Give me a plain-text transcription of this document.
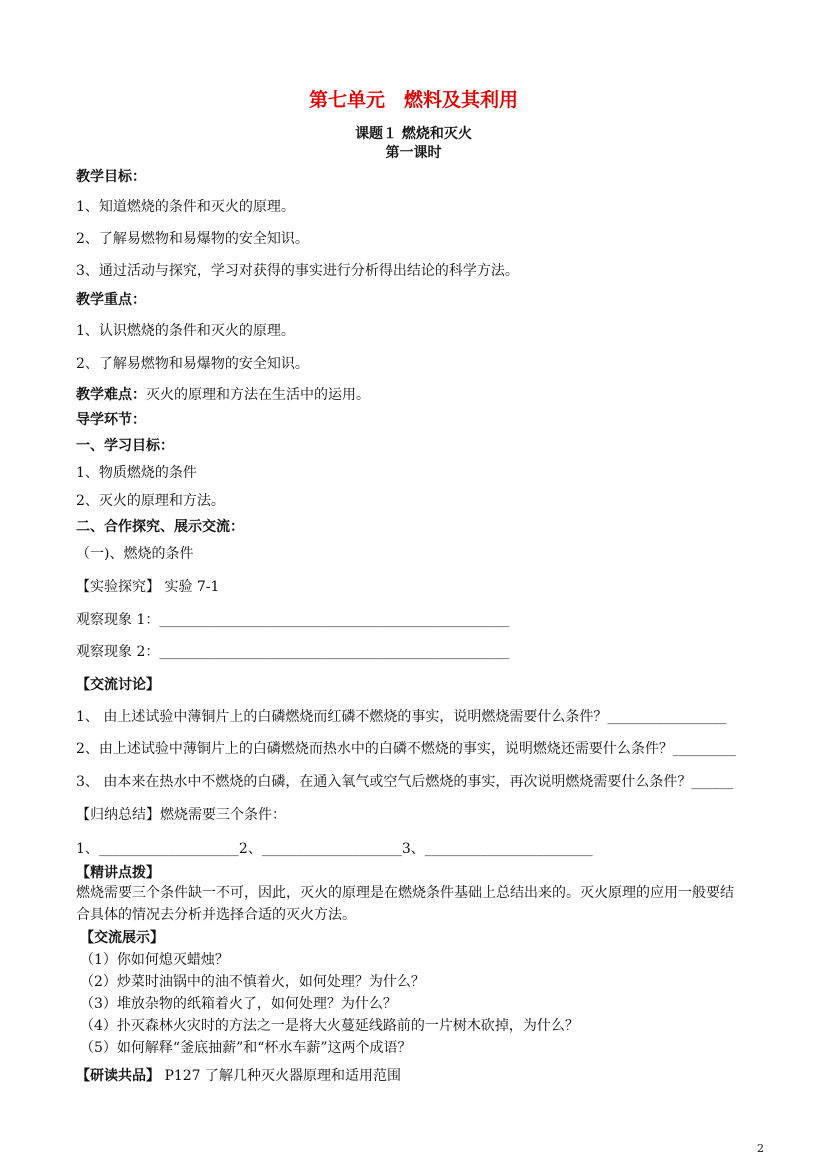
第七单元　燃料及其利用
课题１ 燃烧和灭火
第一课时
教学目标：
1、知道燃烧的条件和灭火的原理。
2、了解易燃物和易爆物的安全知识。
3、通过活动与探究，学习对获得的事实进行分析得出结论的科学方法。
教学重点：
1、认识燃烧的条件和灭火的原理。
2、了解易燃物和易爆物的安全知识。
教学难点：灭火的原理和方法在生活中的运用。
导学环节：
一、学习目标：
1、物质燃烧的条件
2、灭火的原理和方法。
二、合作探究、展示交流：
（一)、燃烧的条件
【实验探究】 实验 7-1
观察现象 1：__________________________________________________
观察现象 2：__________________________________________________
【交流讨论】
1、 由上述试验中薄铜片上的白磷燃烧而红磷不燃烧的事实，说明燃烧需要什么条件？_________________
2、由上述试验中薄铜片上的白磷燃烧而热水中的白磷不燃烧的事实，说明燃烧还需要什么条件？_________
3、 由本来在热水中不燃烧的白磷，在通入氧气或空气后燃烧的事实，再次说明燃烧需要什么条件？______
【归纳总结】燃烧需要三个条件：
1、____________________2、____________________3、________________________
【精讲点拨】
燃烧需要三个条件缺一不可，因此，灭火的原理是在燃烧条件基础上总结出来的。灭火原理的应用一般要结
合具体的情况去分析并选择合适的灭火方法。
【交流展示】
（1）你如何熄灭蜡烛？
（2）炒菜时油锅中的油不慎着火，如何处理？为什么？
（3）堆放杂物的纸箱着火了，如何处理？为什么？
（4）扑灭森林火灾时的方法之一是将大火蔓延线路前的一片树木砍掉，为什么？
（5）如何解释“釜底抽薪”和“杯水车薪”这两个成语？
【研读共品】 P127 了解几种灭火器原理和适用范围
2
